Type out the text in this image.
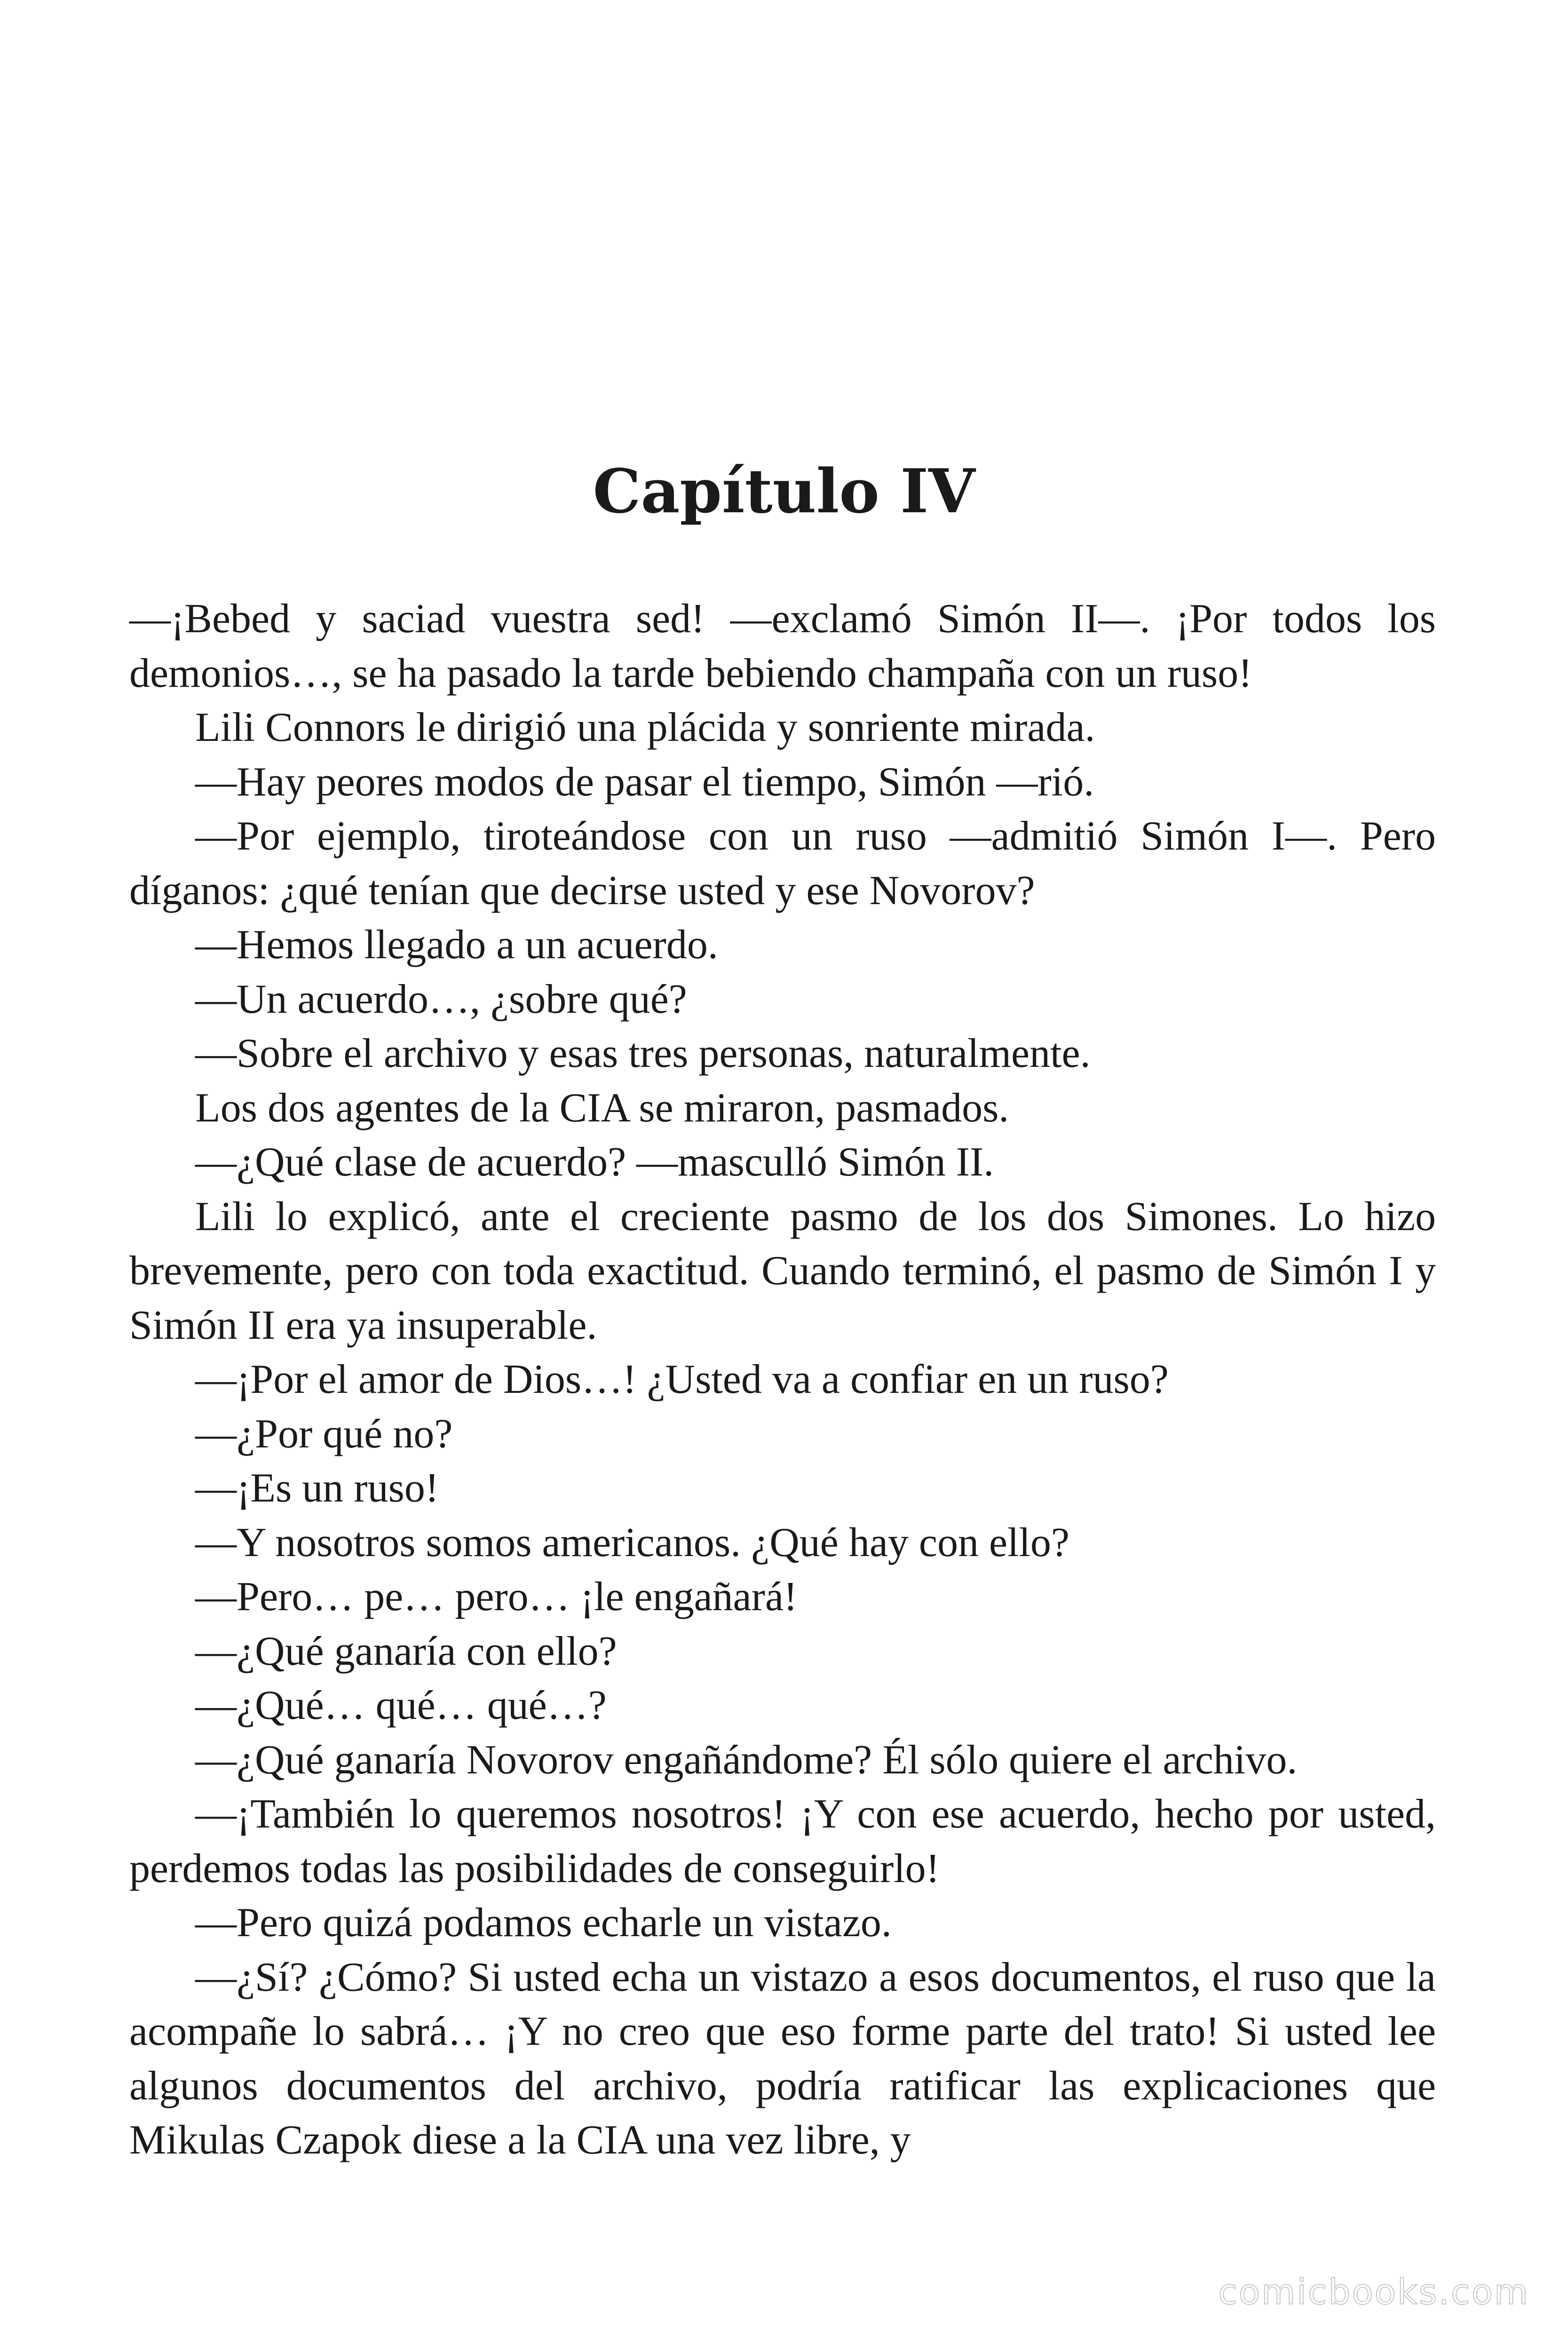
Capítulo IV

—¡Bebed y saciad vuestra sed! —exclamó Simón II—. ¡Por todos los demonios…, se ha pasado la tarde bebiendo champaña con un ruso!

Lili Connors le dirigió una plácida y sonriente mirada.

—Hay peores modos de pasar el tiempo, Simón —rió.

—Por ejemplo, tiroteándose con un ruso —admitió Simón I—. Pero díganos: ¿qué tenían que decirse usted y ese Novorov?

—Hemos llegado a un acuerdo.

—Un acuerdo…, ¿sobre qué?

—Sobre el archivo y esas tres personas, naturalmente.

Los dos agentes de la CIA se miraron, pasmados.

—¿Qué clase de acuerdo? —masculló Simón II.

Lili lo explicó, ante el creciente pasmo de los dos Simones. Lo hizo brevemente, pero con toda exactitud. Cuando terminó, el pasmo de Simón I y Simón II era ya insuperable.

—¡Por el amor de Dios…! ¿Usted va a confiar en un ruso?

—¿Por qué no?

—¡Es un ruso!

—Y nosotros somos americanos. ¿Qué hay con ello?

—Pero… pe… pero… ¡le engañará!

—¿Qué ganaría con ello?

—¿Qué… qué… qué…?

—¿Qué ganaría Novorov engañándome? Él sólo quiere el archivo.

—¡También lo queremos nosotros! ¡Y con ese acuerdo, hecho por usted, perdemos todas las posibilidades de conseguirlo!

—Pero quizá podamos echarle un vistazo.

—¿Sí? ¿Cómo? Si usted echa un vistazo a esos documentos, el ruso que la acompañe lo sabrá… ¡Y no creo que eso forme parte del trato! Si usted lee algunos documentos del archivo, podría ratificar las explicaciones que Mikulas Czapok diese a la CIA una vez libre, y

comicbooks.com
